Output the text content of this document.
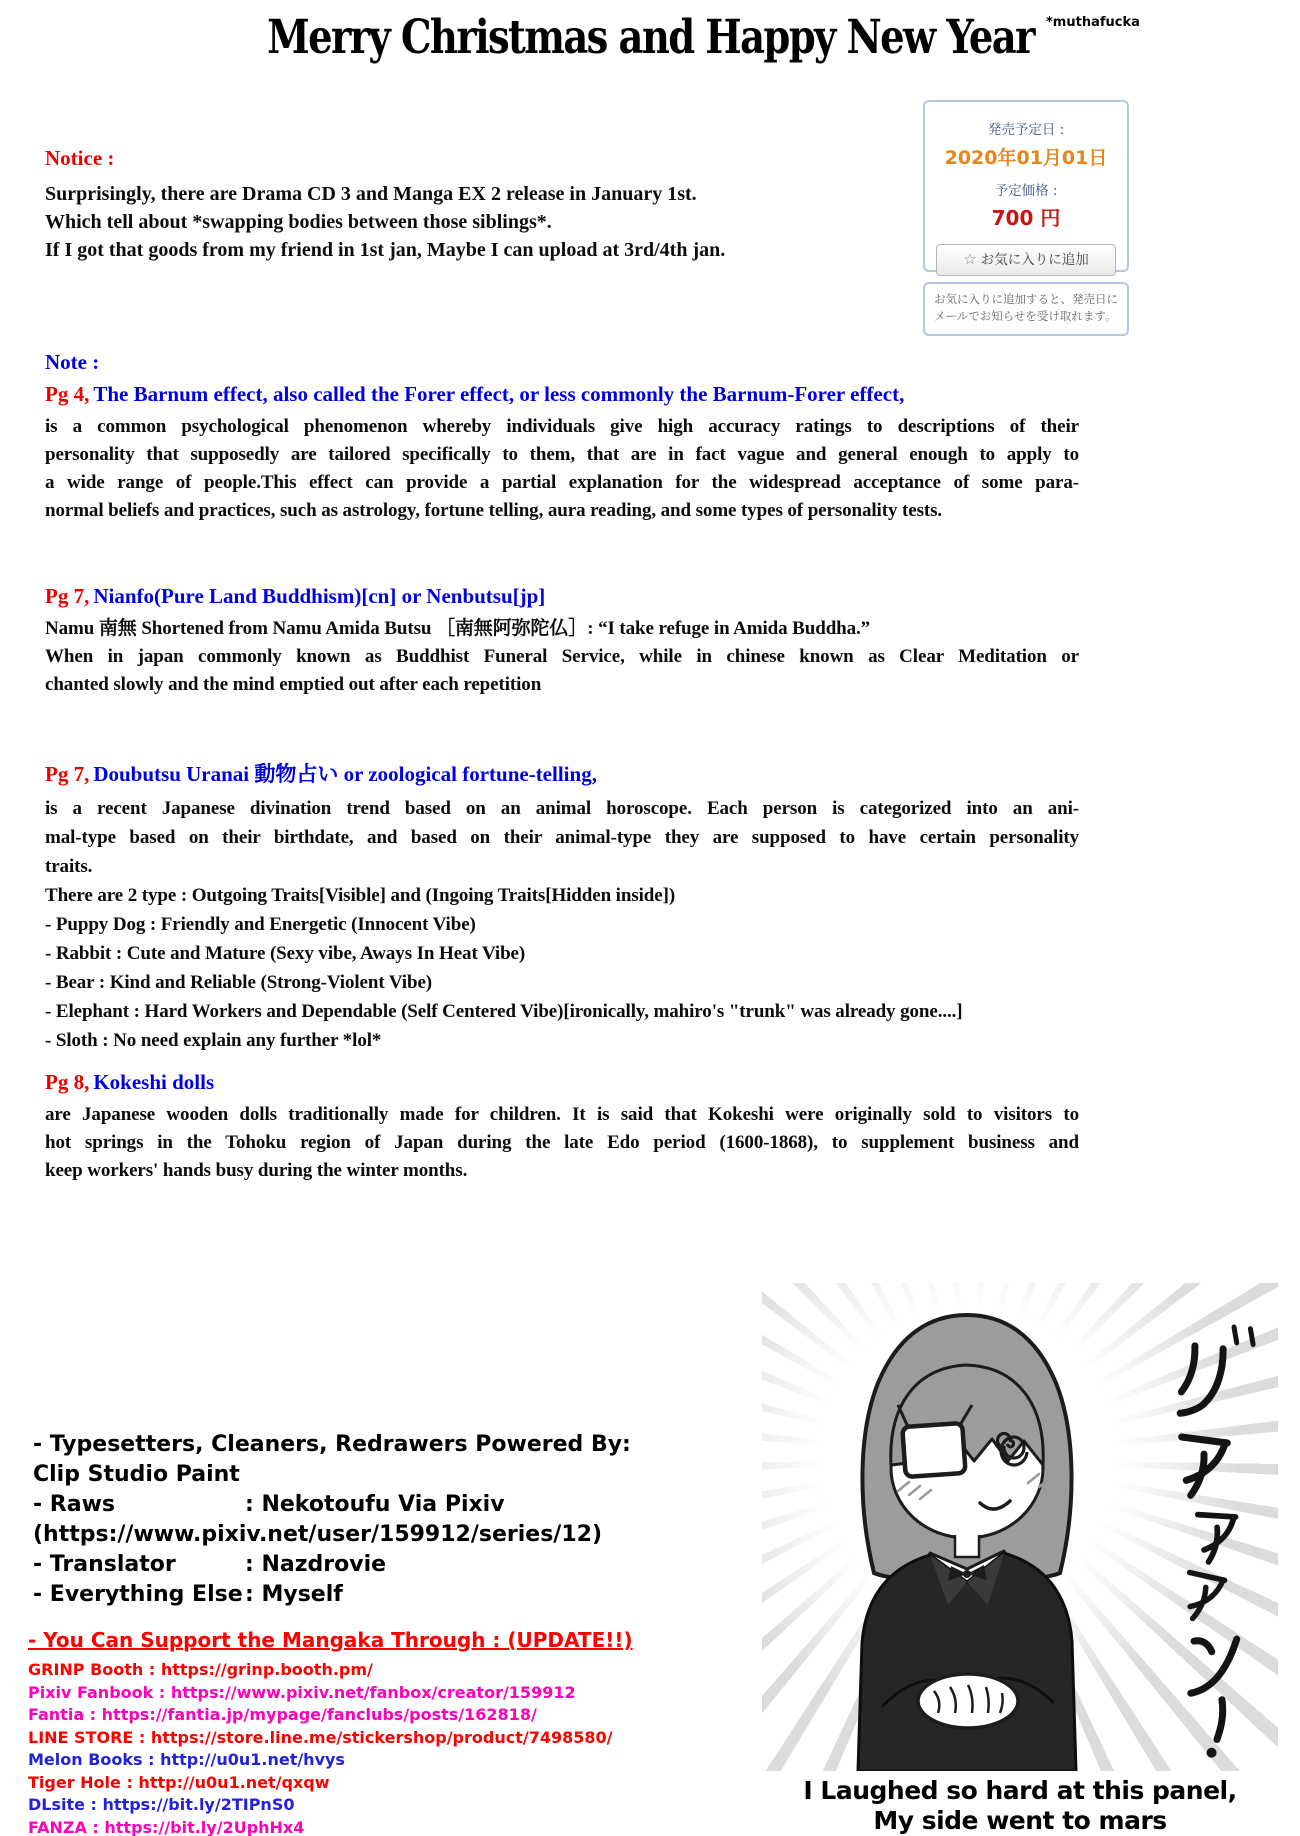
Merry Christmas and Happy New Year *muthafucka
発売予定日 :
2020年01月01日
予定価格 :
700 円
☆ お気に入りに追加
お気に入りに追加すると、発売日に メールでお知らせを受け取れます。
Notice :
Surprisingly, there are Drama CD 3 and Manga EX 2 release in January 1st.
Which tell about *swapping bodies between those siblings*.
If I got that goods from my friend in 1st jan, Maybe I can upload at 3rd/4th jan.
Note :
Pg 4, The Barnum effect, also called the Forer effect, or less commonly the Barnum-Forer effect,
is a common psychological phenomenon whereby individuals give high accuracy ratings to descriptions of their
personality that supposedly are tailored specifically to them, that are in fact vague and general enough to apply to
a wide range of people.This effect can provide a partial explanation for the widespread acceptance of some para-
normal beliefs and practices, such as astrology, fortune telling, aura reading, and some types of personality tests.
Pg 7, Nianfo(Pure Land Buddhism)[cn] or Nenbutsu[jp]
Namu 南無 Shortened from Namu Amida Butsu ［南無阿弥陀仏］: “I take refuge in Amida Buddha.”
When in japan commonly known as Buddhist Funeral Service, while in chinese known as Clear Meditation or
chanted slowly and the mind emptied out after each repetition
Pg 7, Doubutsu Uranai 動物占い or zoological fortune-telling,
is a recent Japanese divination trend based on an animal horoscope. Each person is categorized into an ani-
mal-type based on their birthdate, and based on their animal-type they are supposed to have certain personality
traits.
There are 2 type : Outgoing Traits[Visible] and (Ingoing Traits[Hidden inside])
- Puppy Dog : Friendly and Energetic (Innocent Vibe)
- Rabbit : Cute and Mature (Sexy vibe, Aways In Heat Vibe)
- Bear : Kind and Reliable (Strong-Violent Vibe)
- Elephant : Hard Workers and Dependable (Self Centered Vibe)[ironically, mahiro's "trunk" was already gone....]
- Sloth : No need explain any further *lol*
Pg 8, Kokeshi dolls
are Japanese wooden dolls traditionally made for children. It is said that Kokeshi were originally sold to visitors to
hot springs in the Tohoku region of Japan during the late Edo period (1600-1868), to supplement business and
keep workers' hands busy during the winter months.
- Typesetters, Cleaners, Redrawers Powered By:
Clip Studio Paint
- Raws	: Nekotoufu Via Pixiv
(https://www.pixiv.net/user/159912/series/12)
- Translator	: Nazdrovie
- Everything Else : Myself
- You Can Support the Mangaka Through : (UPDATE!!)
GRINP Booth : https://grinp.booth.pm/
Pixiv Fanbook : https://www.pixiv.net/fanbox/creator/159912
Fantia : https://fantia.jp/mypage/fanclubs/posts/162818/
LINE STORE : https://store.line.me/stickershop/product/7498580/
Melon Books : http://u0u1.net/hvys
Tiger Hole : http://u0u1.net/qxqw
DLsite : https://bit.ly/2TIPnS0
FANZA : https://bit.ly/2UphHx4
I Laughed so hard at this panel,
My side went to mars
